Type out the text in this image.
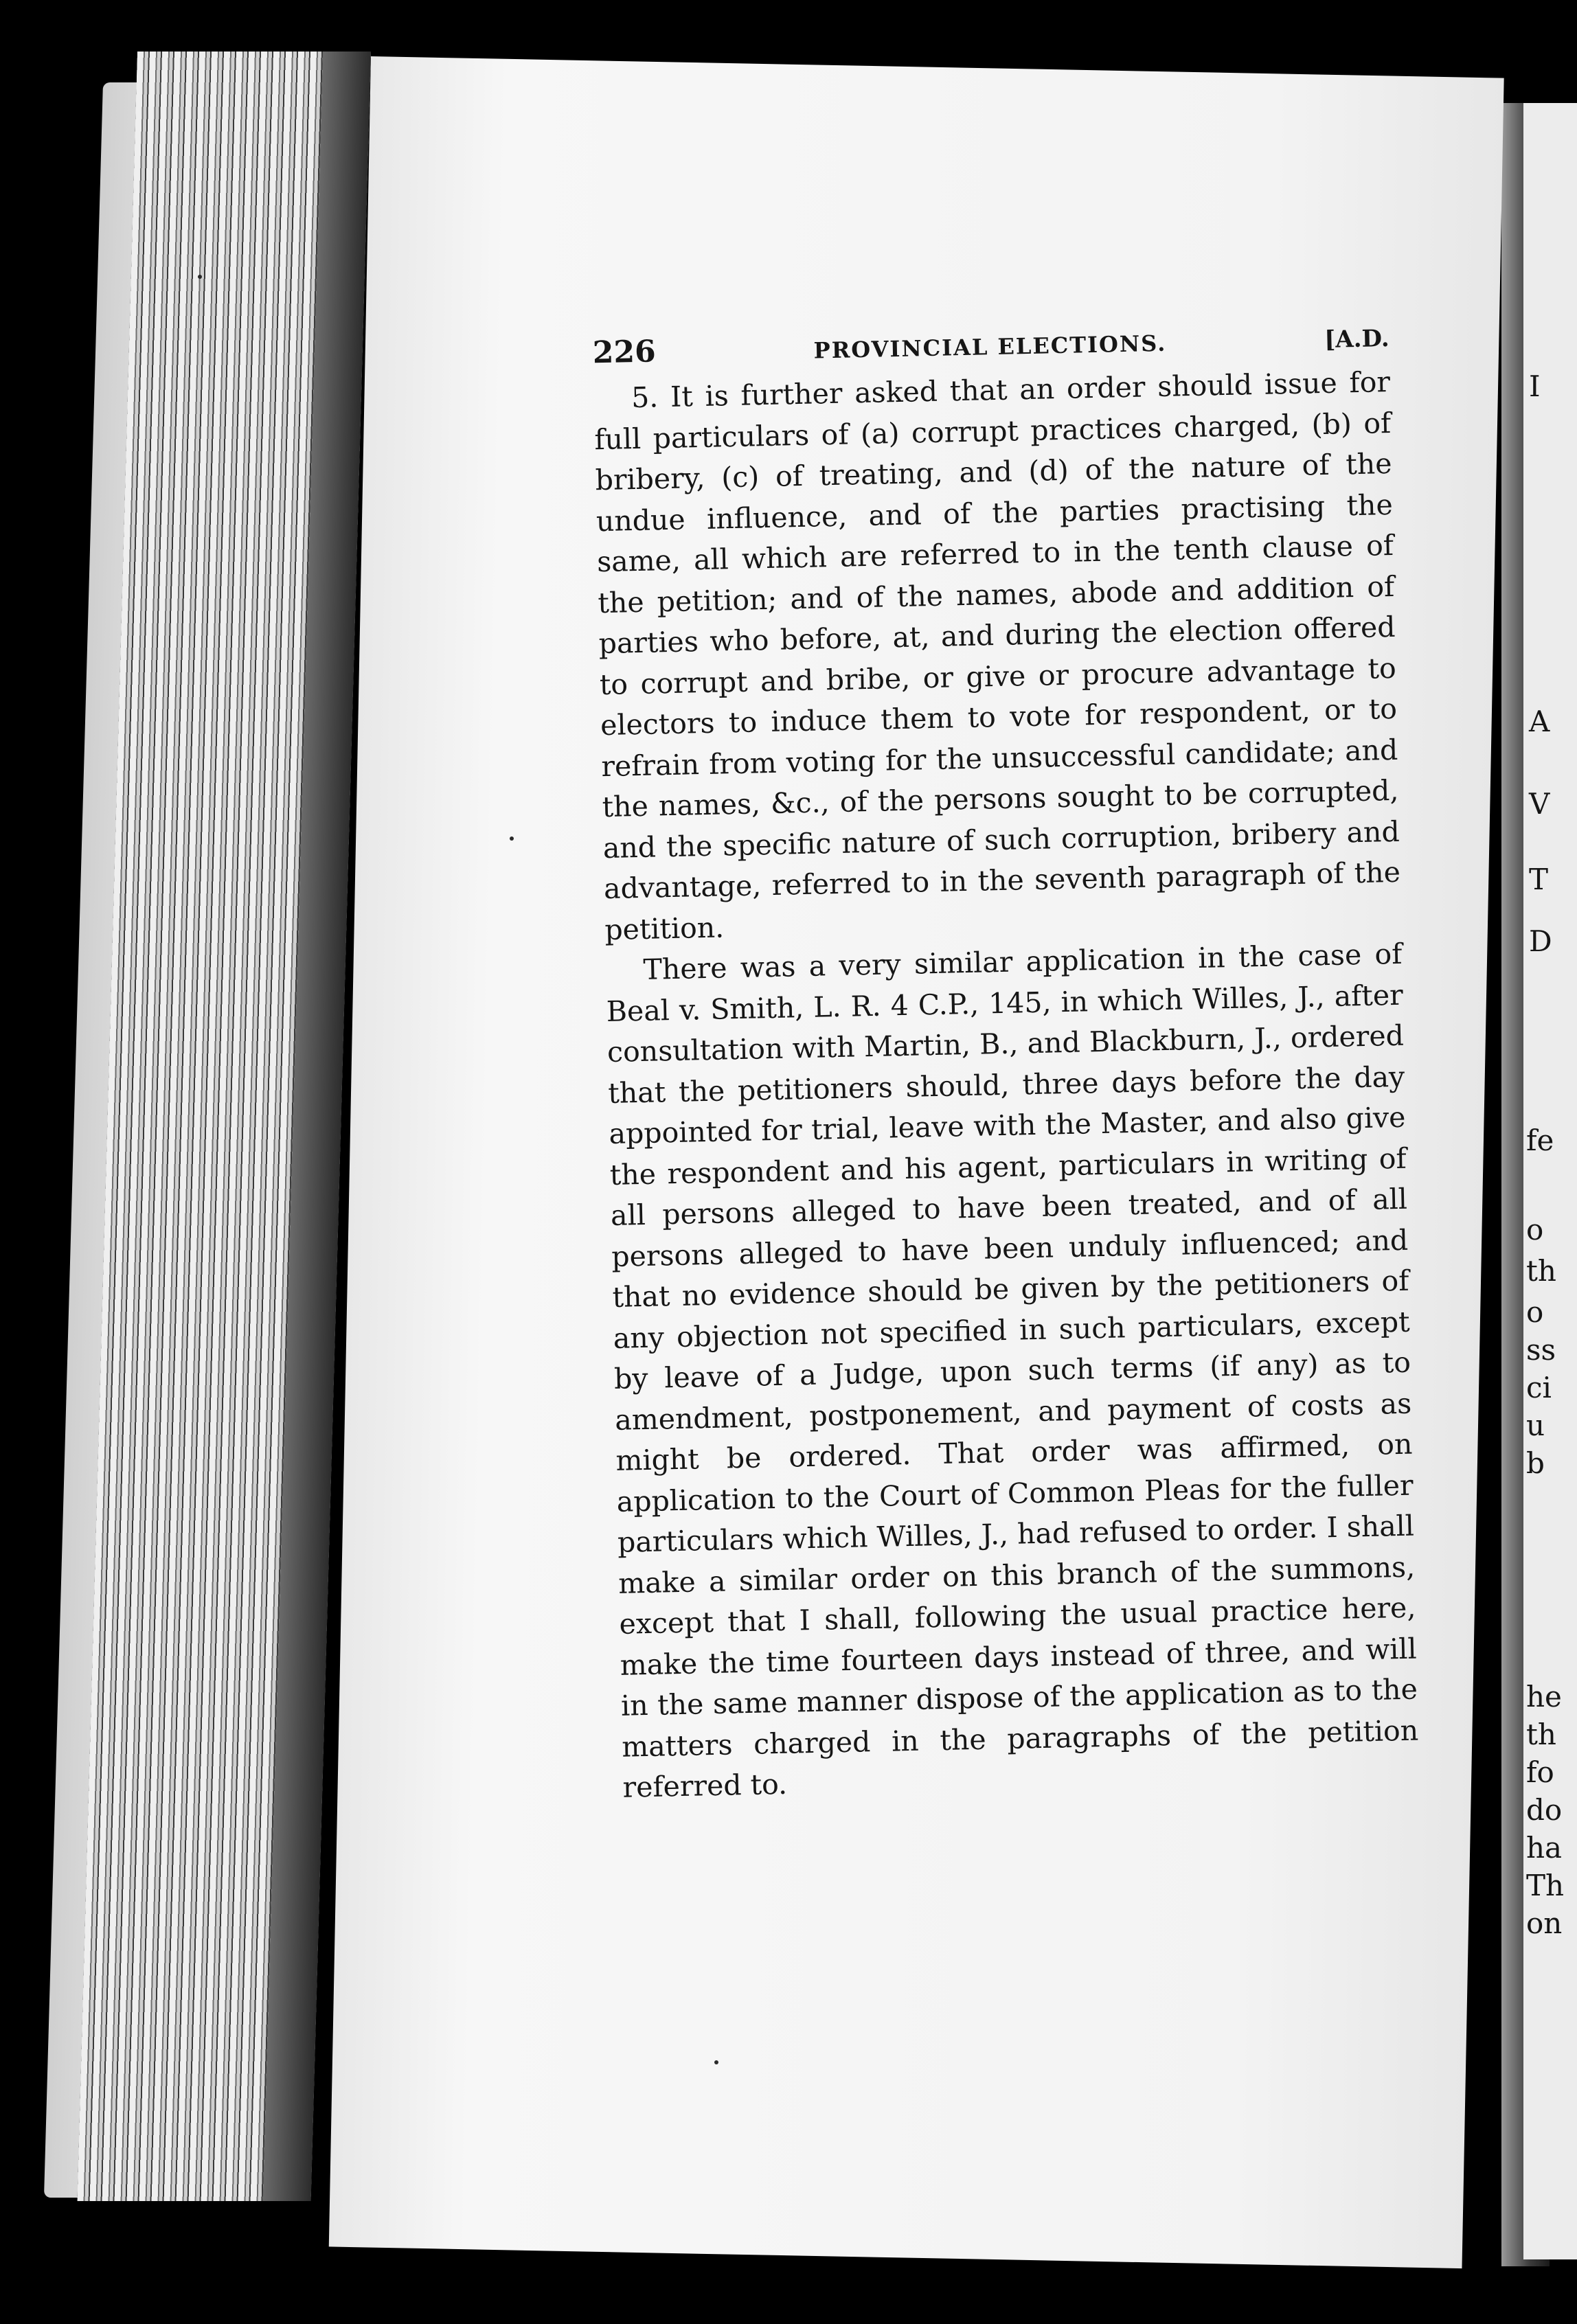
I
A
V
T
D
fe
o
th
o
ss
ci
u
b
he
th
fo
do
ha
Th
on
226	PROVINCIAL ELECTIONS.	[A.D.

5. It is further asked that an order should issue for full particulars of (a) corrupt practices charged, (b) of bribery, (c) of treating, and (d) of the nature of the undue influence, and of the parties practising the same, all which are referred to in the tenth clause of the petition; and of the names, abode and addition of parties who before, at, and during the election offered to corrupt and bribe, or give or procure advantage to electors to induce them to vote for respondent, or to refrain from voting for the unsuccessful candidate; and the names, &c., of the persons sought to be corrupted, and the specific nature of such corruption, bribery and advantage, referred to in the seventh paragraph of the petition.

There was a very similar application in the case of Beal v. Smith, L. R. 4 C.P., 145, in which Willes, J., after consultation with Martin, B., and Blackburn, J., ordered that the petitioners should, three days before the day appointed for trial, leave with the Master, and also give the respondent and his agent, particulars in writing of all persons alleged to have been treated, and of all persons alleged to have been unduly influenced; and that no evidence should be given by the petitioners of any objection not specified in such particulars, except by leave of a Judge, upon such terms (if any) as to amendment, postponement, and payment of costs as might be ordered. That order was affirmed, on application to the Court of Common Pleas for the fuller particulars which Willes, J., had refused to order. I shall make a similar order on this branch of the summons, except that I shall, following the usual practice here, make the time fourteen days instead of three, and will in the same manner dispose of the application as to the matters charged in the paragraphs of the petition referred to.
